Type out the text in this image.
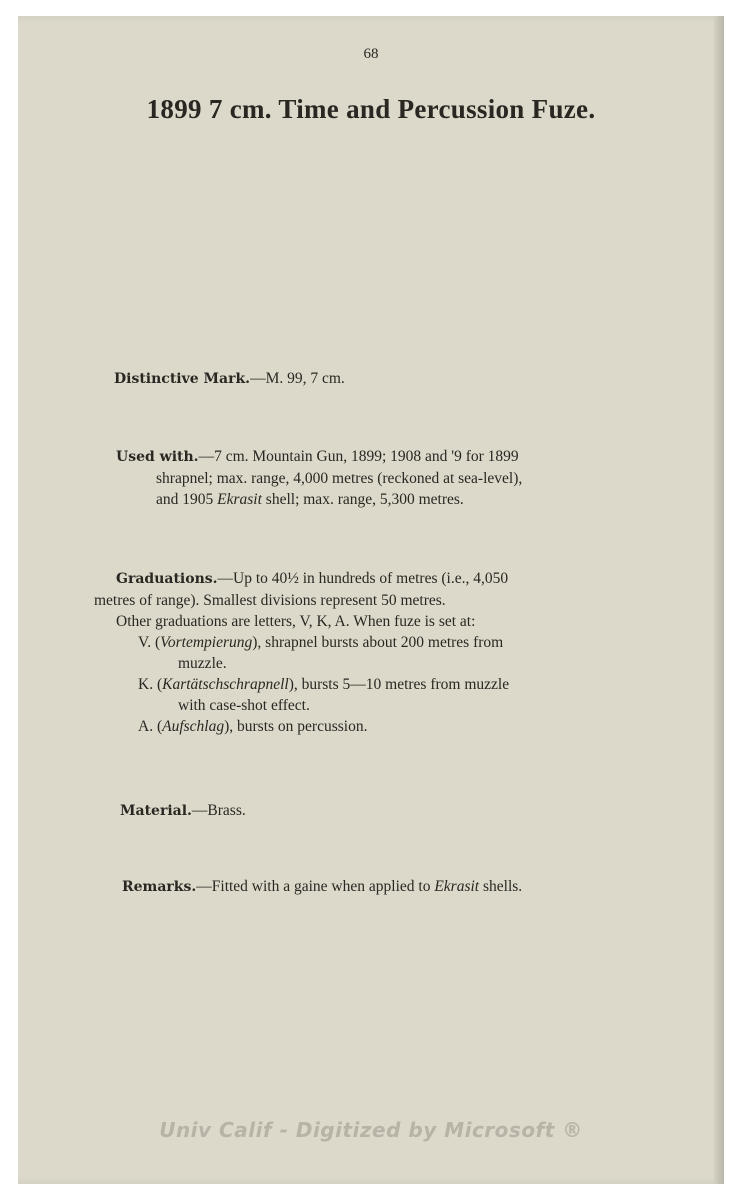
68
1899 7 cm. Time and Percussion Fuze.
Distinctive Mark.—M. 99, 7 cm.
Used with.—7 cm. Mountain Gun, 1899; 1908 and '9 for 1899
shrapnel; max. range, 4,000 metres (reckoned at sea-level),
and 1905 Ekrasit shell; max. range, 5,300 metres.
Graduations.—Up to 40½ in hundreds of metres (i.e., 4,050
metres of range). Smallest divisions represent 50 metres.
Other graduations are letters, V, K, A. When fuze is set at:
V. (Vortempierung), shrapnel bursts about 200 metres from
muzzle.
K. (Kartätschschrapnell), bursts 5—10 metres from muzzle
with case-shot effect.
A. (Aufschlag), bursts on percussion.
Material.—Brass.
Remarks.—Fitted with a gaine when applied to Ekrasit shells.
Univ Calif - Digitized by Microsoft ®
